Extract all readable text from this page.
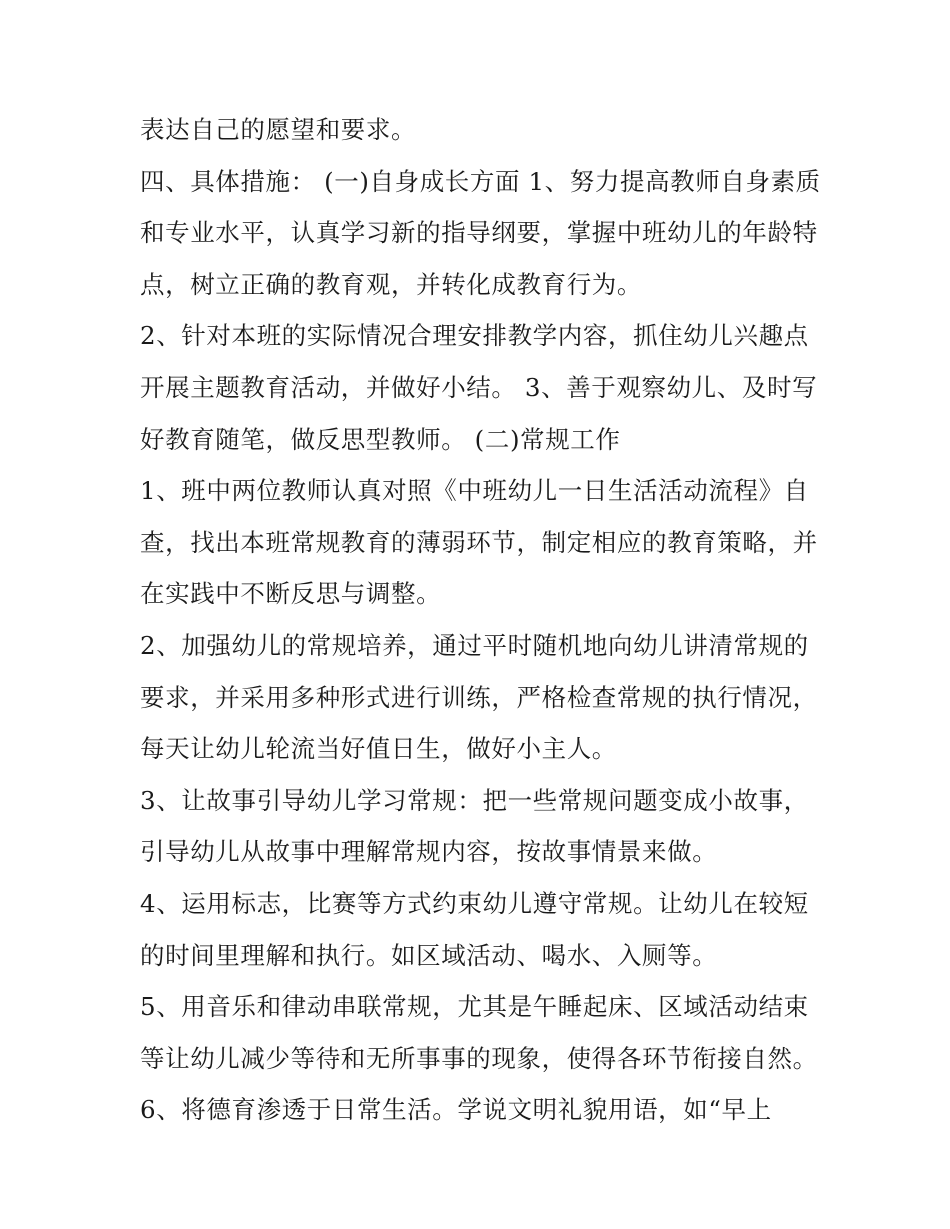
表达自己的愿望和要求。

四、具体措施： (一)自身成长方面 1、努力提高教师自身素质

和专业水平，认真学习新的指导纲要，掌握中班幼儿的年龄特

点，树立正确的教育观，并转化成教育行为。

2、针对本班的实际情况合理安排教学内容，抓住幼儿兴趣点

开展主题教育活动，并做好小结。 3、善于观察幼儿、及时写

好教育随笔，做反思型教师。 (二)常规工作

1、班中两位教师认真对照《中班幼儿一日生活活动流程》自

查，找出本班常规教育的薄弱环节，制定相应的教育策略，并

在实践中不断反思与调整。

2、加强幼儿的常规培养，通过平时随机地向幼儿讲清常规的

要求，并采用多种形式进行训练，严格检查常规的执行情况，

每天让幼儿轮流当好值日生，做好小主人。

3、让故事引导幼儿学习常规：把一些常规问题变成小故事，

引导幼儿从故事中理解常规内容，按故事情景来做。

4、运用标志，比赛等方式约束幼儿遵守常规。让幼儿在较短

的时间里理解和执行。如区域活动、喝水、入厕等。

5、用音乐和律动串联常规，尤其是午睡起床、区域活动结束

等让幼儿减少等待和无所事事的现象，使得各环节衔接自然。

6、将德育渗透于日常生活。学说文明礼貌用语，如“早上
